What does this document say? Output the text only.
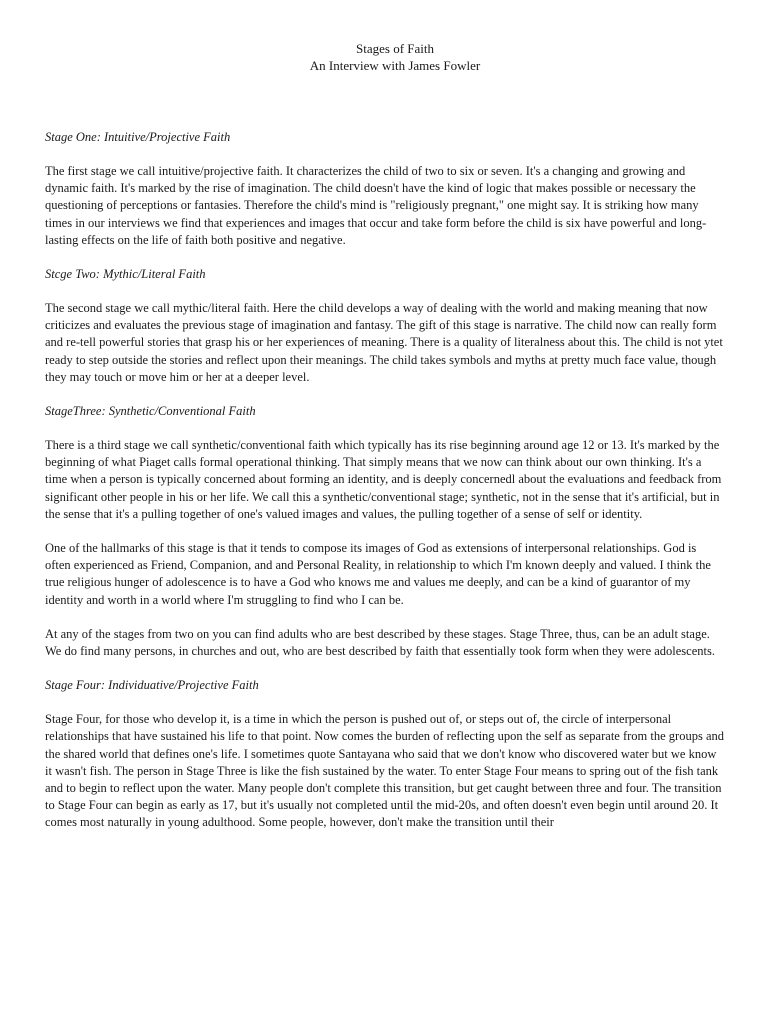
Stages of Faith
An Interview with James Fowler

Stage One: Intuitive/Projective Faith

The first stage we call intuitive/projective faith. It characterizes the child of two to six or seven. It's a changing and growing and dynamic faith. It's marked by the rise of imagination. The child doesn't have the kind of logic that makes possible or necessary the questioning of perceptions or fantasies. Therefore the child's mind is "religiously pregnant," one might say. It is striking how many times in our interviews we find that experiences and images that occur and take form before the child is six have powerful and long-lasting effects on the life of faith both positive and negative.

Stcge Two: Mythic/Literal Faith

The second stage we call mythic/literal faith. Here the child develops a way of dealing with the world and making meaning that now criticizes and evaluates the previous stage of imagination and fantasy. The gift of this stage is narrative. The child now can really form and re-tell powerful stories that grasp his or her experiences of meaning. There is a quality of literalness about this. The child is not ytet ready to step outside the stories and reflect upon their meanings. The child takes symbols and myths at pretty much face value, though they may touch or move him or her at a deeper level.

StageThree: Synthetic/Conventional Faith

There is a third stage we call synthetic/conventional faith which typically has its rise beginning around age 12 or 13. It's marked by the beginning of what Piaget calls formal operational thinking. That simply means that we now can think about our own thinking. It's a time when a person is typically concerned about forming an identity, and is deeply concernedl about the evaluations and feedback from significant other people in his or her life. We call this a synthetic/conventional stage; synthetic, not in the sense that it's artificial, but in the sense that it's a pulling together of one's valued images and values, the pulling together of a sense of self or identity.

One of the hallmarks of this stage is that it tends to compose its images of God as extensions of interpersonal relationships. God is often experienced as Friend, Companion, and and Personal Reality, in relationship to which I'm known deeply and valued. I think the true religious hunger of adolescence is to have a God who knows me and values me deeply, and can be a kind of guarantor of my identity and worth in a world where I'm struggling to find who I can be.

At any of the stages from two on you can find adults who are best described by these stages. Stage Three, thus, can be an adult stage. We do find many persons, in churches and out, who are best described by faith that essentially took form when they were adolescents.

Stage Four: Individuative/Projective Faith

Stage Four, for those who develop it, is a time in which the person is pushed out of, or steps out of, the circle of interpersonal relationships that have sustained his life to that point. Now comes the burden of reflecting upon the self as separate from the groups and the shared world that defines one's life. I sometimes quote Santayana who said that we don't know who discovered water but we know it wasn't fish. The person in Stage Three is like the fish sustained by the water. To enter Stage Four means to spring out of the fish tank and to begin to reflect upon the water. Many people don't complete this transition, but get caught between three and four. The transition to Stage Four can begin as early as 17, but it's usually not completed until the mid-20s, and often doesn't even begin until around 20. It comes most naturally in young adulthood. Some people, however, don't make the transition until their
